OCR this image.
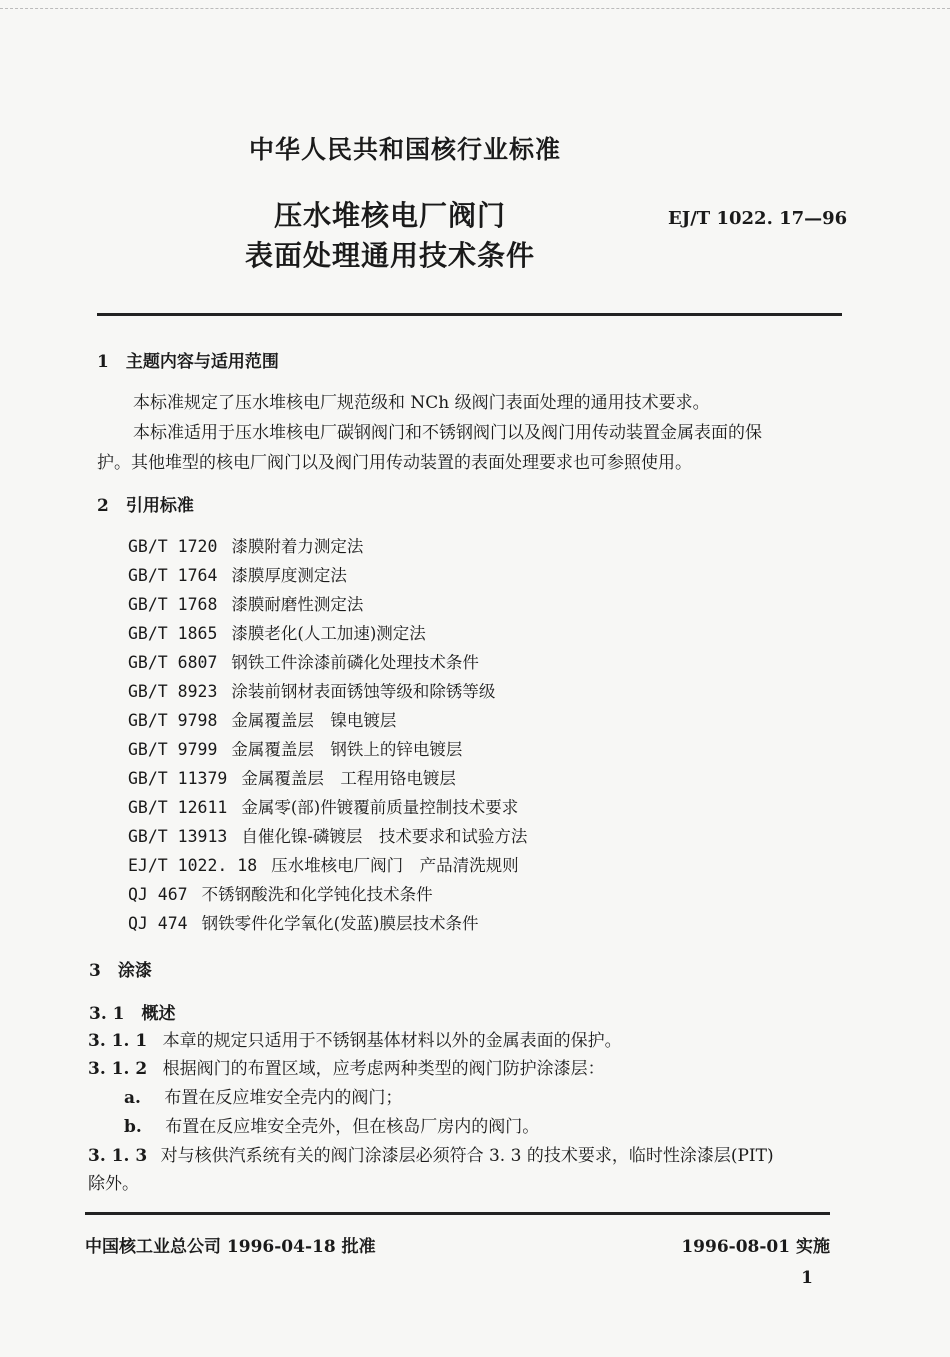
中华人民共和国核行业标准
压水堆核电厂阀门
表面处理通用技术条件
EJ/T 1022. 17—96
1　主题内容与适用范围
本标准规定了压水堆核电厂规范级和 NCh 级阀门表面处理的通用技术要求。
本标准适用于压水堆核电厂碳钢阀门和不锈钢阀门以及阀门用传动装置金属表面的保
护。其他堆型的核电厂阀门以及阀门用传动装置的表面处理要求也可参照使用。
2　引用标准
GB/T 1720 漆膜附着力测定法
GB/T 1764 漆膜厚度测定法
GB/T 1768 漆膜耐磨性测定法
GB/T 1865 漆膜老化(人工加速)测定法
GB/T 6807 钢铁工件涂漆前磷化处理技术条件
GB/T 8923 涂装前钢材表面锈蚀等级和除锈等级
GB/T 9798 金属覆盖层　镍电镀层
GB/T 9799 金属覆盖层　钢铁上的锌电镀层
GB/T 11379 金属覆盖层　工程用铬电镀层
GB/T 12611 金属零(部)件镀覆前质量控制技术要求
GB/T 13913 自催化镍-磷镀层　技术要求和试验方法
EJ/T 1022. 18 压水堆核电厂阀门　产品清洗规则
QJ 467 不锈钢酸洗和化学钝化技术条件
QJ 474 钢铁零件化学氧化(发蓝)膜层技术条件
3　涂漆
3. 1　概述
3. 1. 1 本章的规定只适用于不锈钢基体材料以外的金属表面的保护。
3. 1. 2 根据阀门的布置区域，应考虑两种类型的阀门防护涂漆层：
a. 布置在反应堆安全壳内的阀门；
b. 布置在反应堆安全壳外，但在核岛厂房内的阀门。
3. 1. 3 对与核供汽系统有关的阀门涂漆层必须符合 3. 3 的技术要求，临时性涂漆层(PIT)
除外。
中国核工业总公司 1996-04-18 批准	1996-08-01 实施
1
